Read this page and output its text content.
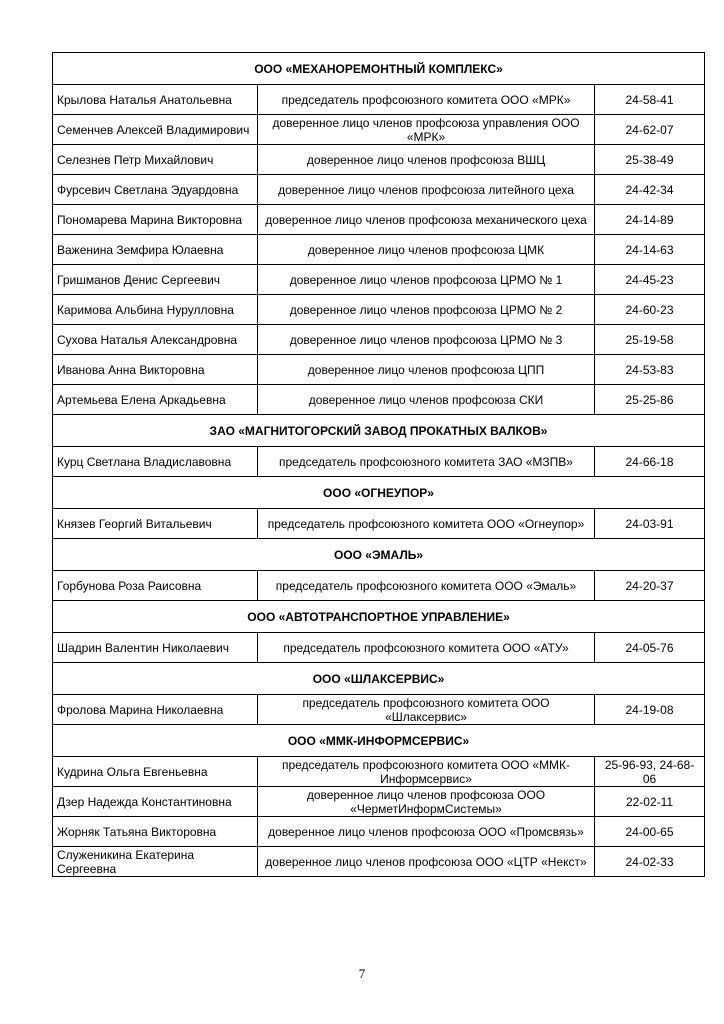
ООО «МЕХАНОРЕМОНТНЫЙ КОМПЛЕКС»		
Крылова Наталья Анатольевна	председатель профсоюзного комитета ООО «МРК»	24-58-41
Семенчев Алексей Владимирович	доверенное лицо членов профсоюза управления ООО «МРК»	24-62-07
Селезнев Петр Михайлович	доверенное лицо членов профсоюза ВШЦ	25-38-49
Фурсевич Светлана Эдуардовна	доверенное лицо членов профсоюза литейного цеха	24-42-34
Пономарева Марина Викторовна	доверенное лицо членов профсоюза механического цеха	24-14-89
Важенина Земфира Юлаевна	доверенное лицо членов профсоюза ЦМК	24-14-63
Гришманов Денис Сергеевич	доверенное лицо членов профсоюза ЦРМО № 1	24-45-23
Каримова Альбина Нурулловна	доверенное лицо членов профсоюза ЦРМО № 2	24-60-23
Сухова Наталья Александровна	доверенное лицо членов профсоюза ЦРМО № 3	25-19-58
Иванова Анна Викторовна	доверенное лицо членов профсоюза ЦПП	24-53-83
Артемьева Елена Аркадьевна	доверенное лицо членов профсоюза СКИ	25-25-86
ЗАО «МАГНИТОГОРСКИЙ ЗАВОД ПРОКАТНЫХ ВАЛКОВ»		
Курц Светлана Владиславовна	председатель профсоюзного комитета ЗАО «МЗПВ»	24-66-18
ООО «ОГНЕУПОР»		
Князев Георгий Витальевич	председатель профсоюзного комитета ООО «Огнеупор»	24-03-91
ООО «ЭМАЛЬ»		
Горбунова Роза Раисовна	председатель профсоюзного комитета ООО «Эмаль»	24-20-37
ООО «АВТОТРАНСПОРТНОЕ УПРАВЛЕНИЕ»		
Шадрин Валентин Николаевич	председатель профсоюзного комитета ООО «АТУ»	24-05-76
ООО «ШЛАКСЕРВИС»		
Фролова Марина Николаевна	председатель профсоюзного комитета ООО «Шлаксервис»	24-19-08
ООО «ММК-ИНФОРМСЕРВИС»		
Кудрина Ольга Евгеньевна	председатель профсоюзного комитета ООО «ММК-Информсервис»	25-96-93, 24-68-06
Дзер Надежда Константиновна	доверенное лицо членов профсоюза ООО «ЧерметИнформСистемы»	22-02-11
Жорняк Татьяна Викторовна	доверенное лицо членов профсоюза ООО «Промсвязь»	24-00-65
Служеникина Екатерина Сергеевна	доверенное лицо членов профсоюза ООО «ЦТР «Некст»	24-02-33
7
